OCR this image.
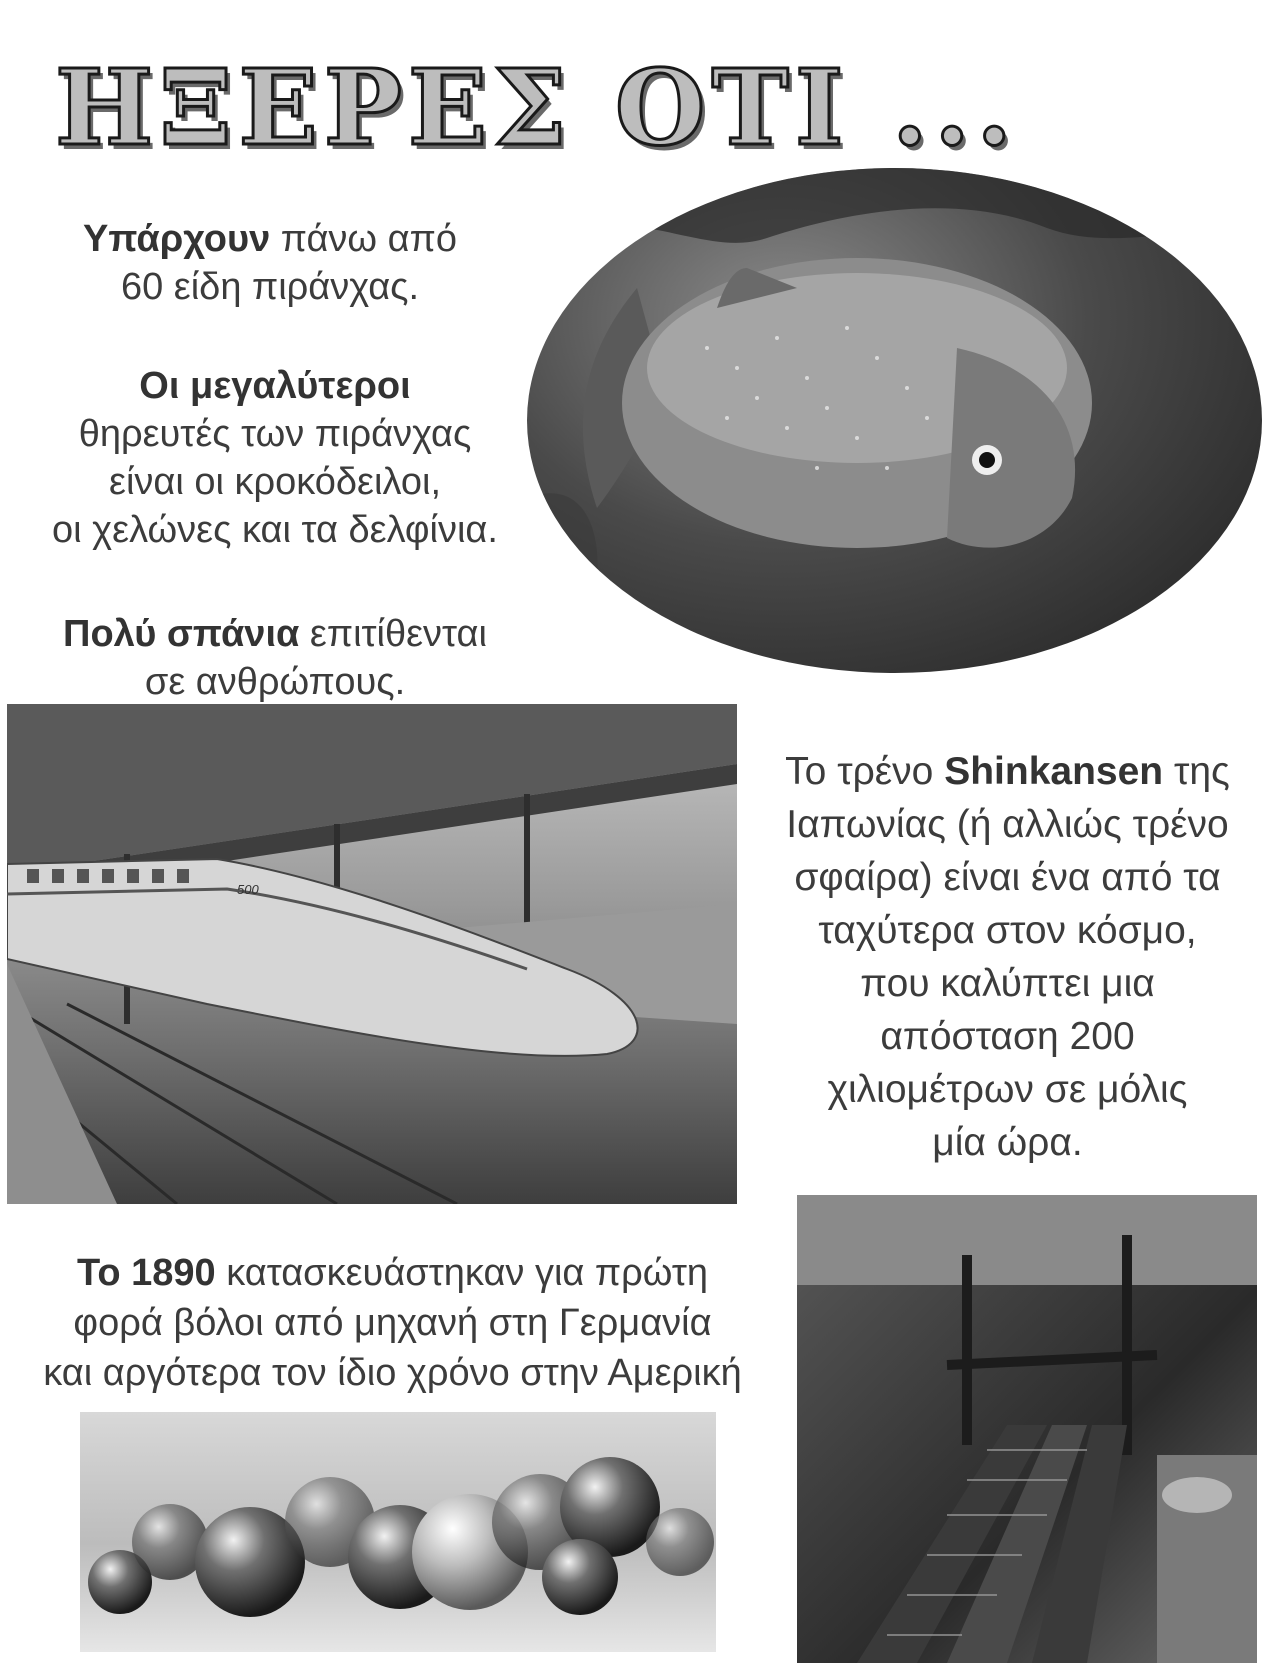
ΗΞΕΡΕΣ ΟΤΙ ...
Υπάρχουν πάνω από
60 είδη πιράνχας.
Οι μεγαλύτεροι
θηρευτές των πιράνχας
είναι οι κροκόδειλοι,
οι χελώνες και τα δελφίνια.
Πολύ σπάνια επιτίθενται
σε ανθρώπους.
500
Το τρένο Shinkansen της
Ιαπωνίας (ή αλλιώς τρένο
σφαίρα) είναι ένα από τα
ταχύτερα στον κόσμο,
που καλύπτει μια
απόσταση 200
χιλιομέτρων σε μόλις
μία ώρα.
Το 1890 κατασκευάστηκαν για πρώτη
φορά βόλοι από μηχανή στη Γερμανία
και αργότερα τον ίδιο χρόνο στην Αμερική
